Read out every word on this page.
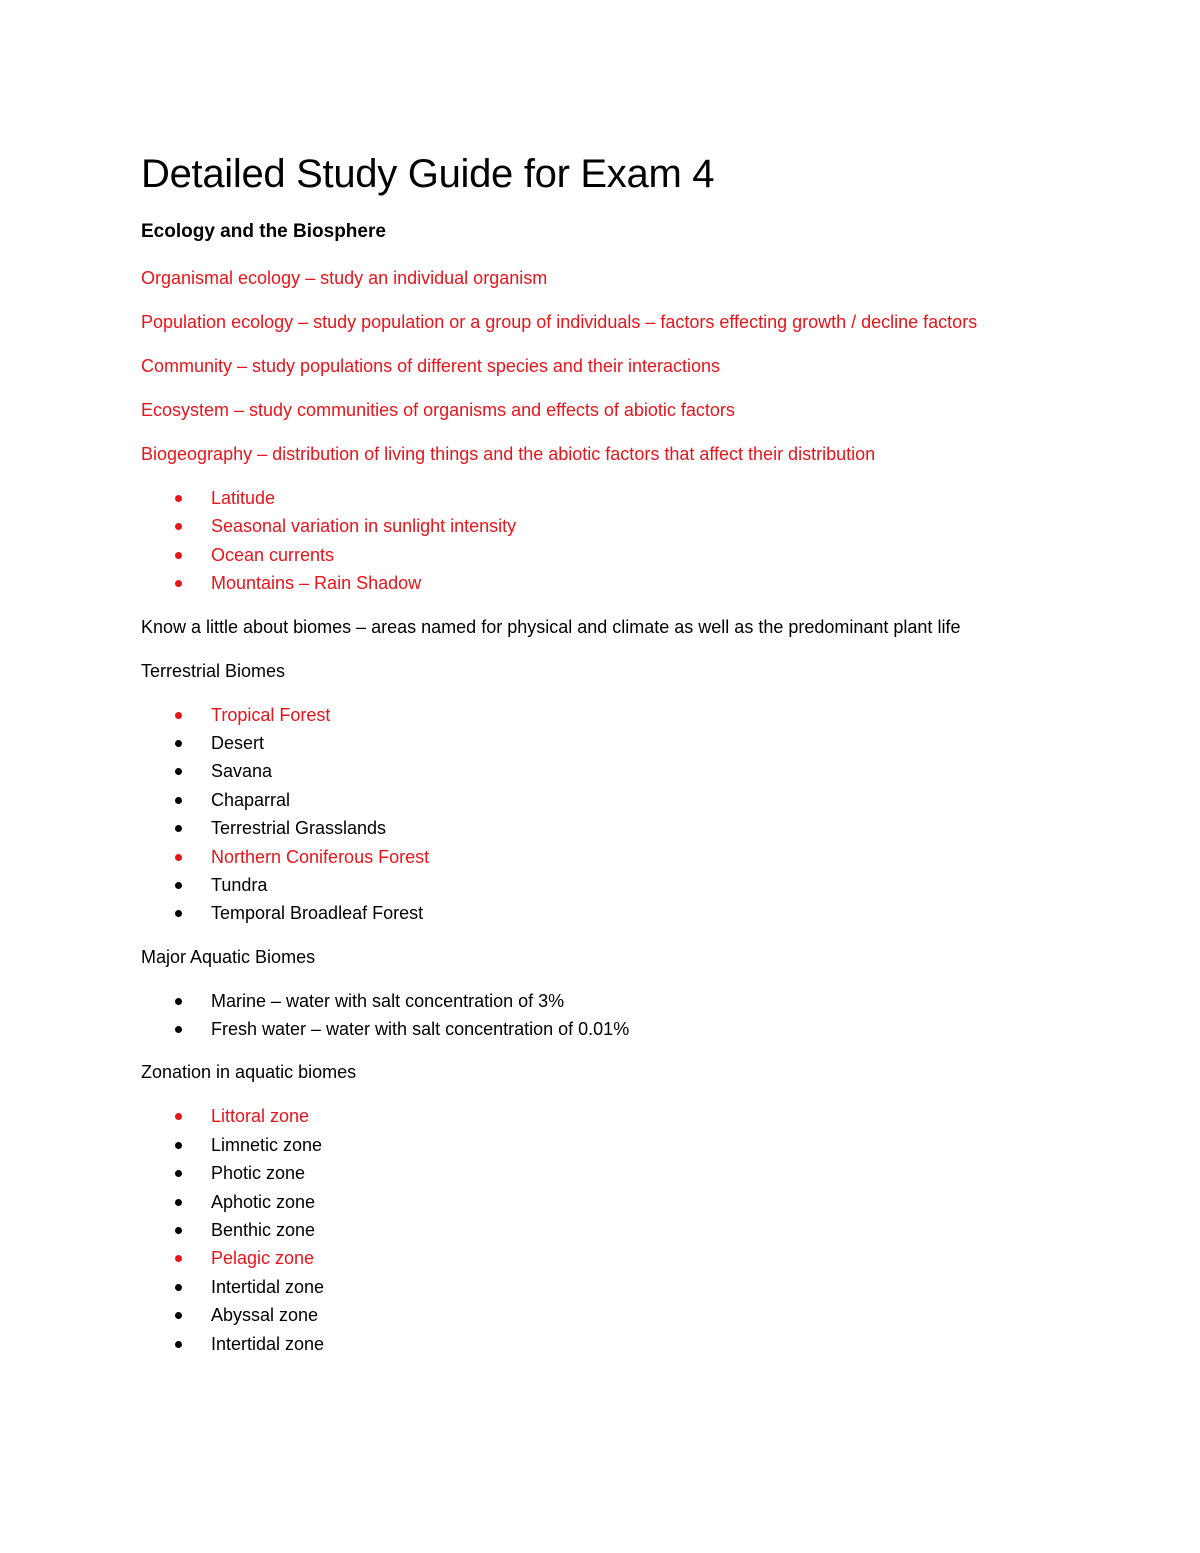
Detailed Study Guide for Exam 4
Ecology and the Biosphere

Organismal ecology – study an individual organism

Population ecology – study population or a group of individuals – factors effecting growth / decline factors

Community – study populations of different species and their interactions

Ecosystem – study communities of organisms and effects of abiotic factors

Biogeography – distribution of living things and the abiotic factors that affect their distribution

Latitude
Seasonal variation in sunlight intensity
Ocean currents
Mountains – Rain Shadow

Know a little about biomes – areas named for physical and climate as well as the predominant plant life

Terrestrial Biomes

Tropical Forest
Desert
Savana
Chaparral
Terrestrial Grasslands
Northern Coniferous Forest
Tundra
Temporal Broadleaf Forest

Major Aquatic Biomes

Marine – water with salt concentration of 3%
Fresh water – water with salt concentration of 0.01%

Zonation in aquatic biomes

Littoral zone
Limnetic zone
Photic zone
Aphotic zone
Benthic zone
Pelagic zone
Intertidal zone
Abyssal zone
Intertidal zone
